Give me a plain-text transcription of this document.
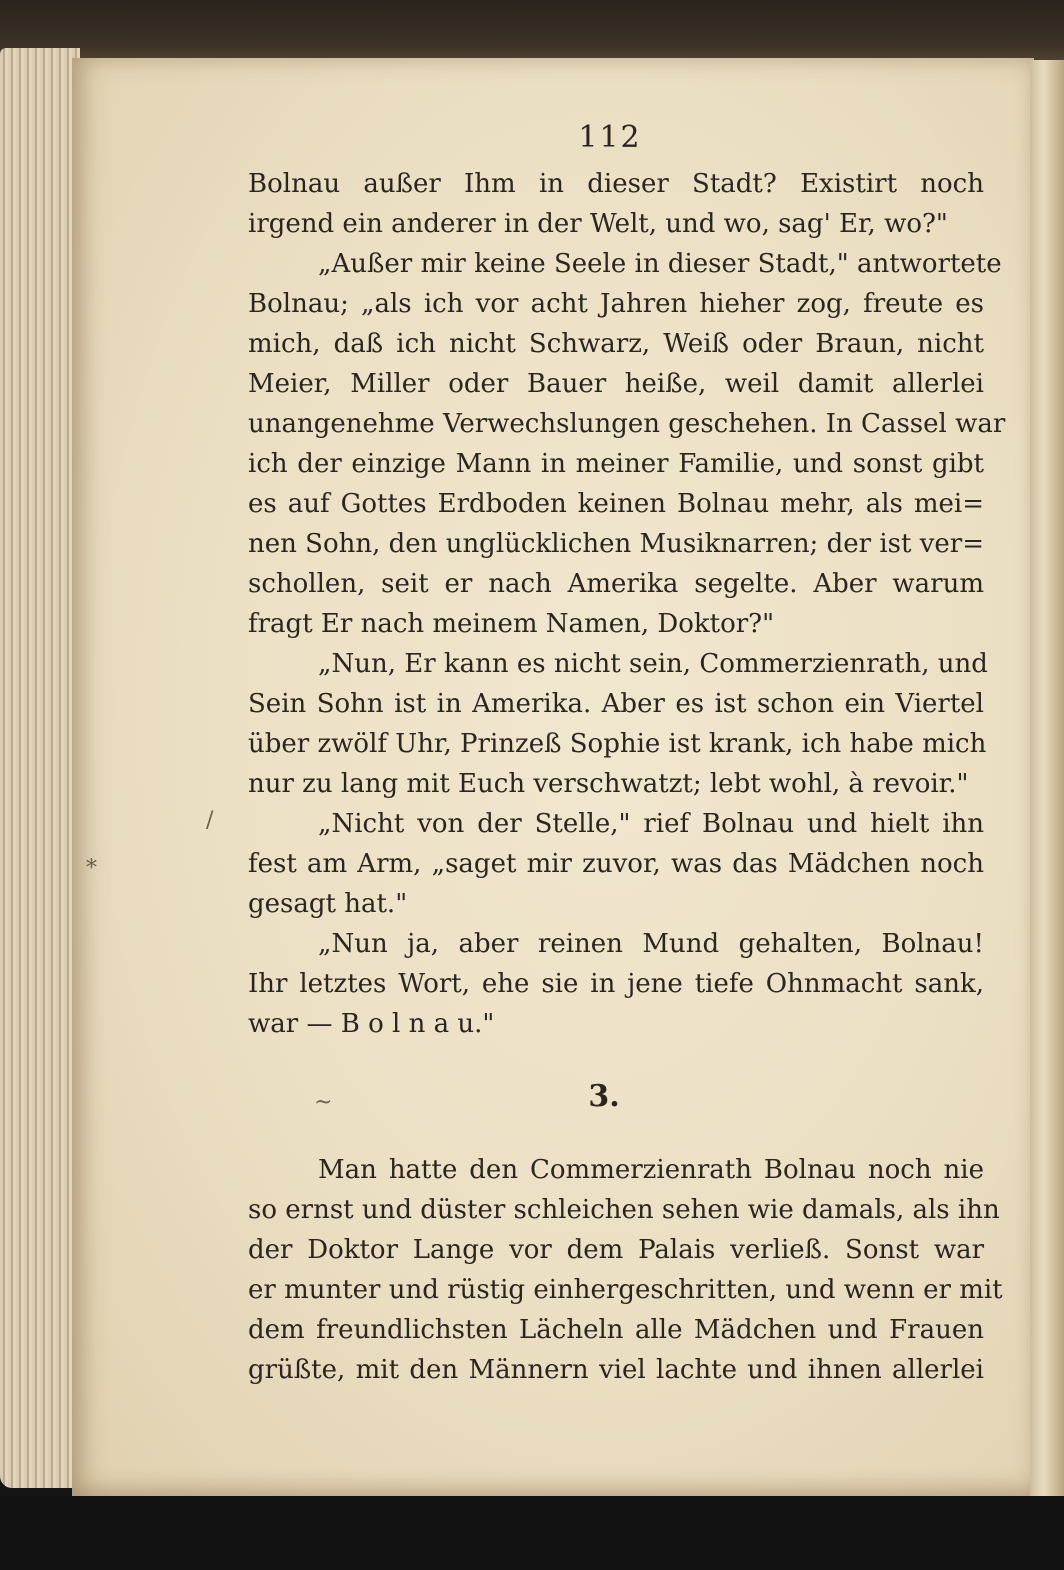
/
*
~
112
Bolnau außer Ihm in dieser Stadt? Existirt noch
irgend ein anderer in der Welt, und wo, sag' Er, wo?"
„Außer mir keine Seele in dieser Stadt," antwortete
Bolnau; „als ich vor acht Jahren hieher zog, freute es
mich, daß ich nicht Schwarz, Weiß oder Braun, nicht
Meier, Miller oder Bauer heiße, weil damit allerlei
unangenehme Verwechslungen geschehen. In Cassel war
ich der einzige Mann in meiner Familie, und sonst gibt
es auf Gottes Erdboden keinen Bolnau mehr, als mei=
nen Sohn, den unglücklichen Musiknarren; der ist ver=
schollen, seit er nach Amerika segelte. Aber warum
fragt Er nach meinem Namen, Doktor?"
„Nun, Er kann es nicht sein, Commerzienrath, und
Sein Sohn ist in Amerika. Aber es ist schon ein Viertel
über zwölf Uhr, Prinzeß Sophie ist krank, ich habe mich
nur zu lang mit Euch verschwatzt; lebt wohl, à revoir."
„Nicht von der Stelle," rief Bolnau und hielt ihn
fest am Arm, „saget mir zuvor, was das Mädchen noch
gesagt hat."
„Nun ja, aber reinen Mund gehalten, Bolnau!
Ihr letztes Wort, ehe sie in jene tiefe Ohnmacht sank,
war — B o l n a u."
3.
Man hatte den Commerzienrath Bolnau noch nie
so ernst und düster schleichen sehen wie damals, als ihn
der Doktor Lange vor dem Palais verließ. Sonst war
er munter und rüstig einhergeschritten, und wenn er mit
dem freundlichsten Lächeln alle Mädchen und Frauen
grüßte, mit den Männern viel lachte und ihnen allerlei
